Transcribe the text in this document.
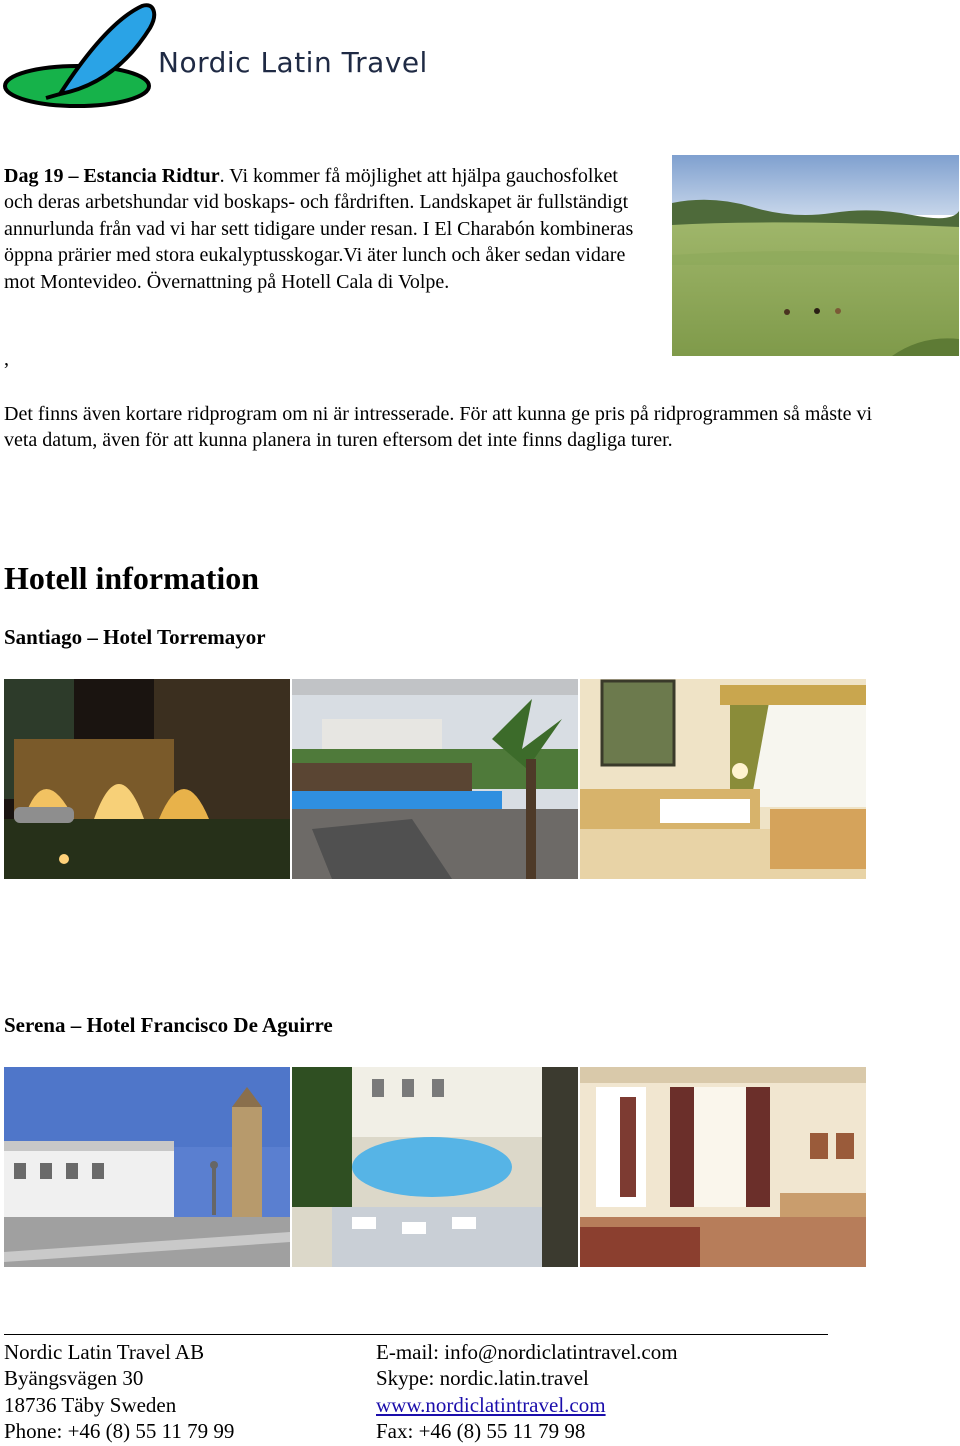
Nordic Latin Travel
Dag 19 – Estancia Ridtur. Vi kommer få möjlighet att hjälpa gauchosfolket och deras arbetshundar vid boskaps- och fårdriften. Landskapet är fullständigt annurlunda från vad vi har sett tidigare under resan. I El Charabón kombineras öppna prärier med stora eukalyptusskogar.Vi äter lunch och åker sedan vidare mot Montevideo. Övernattning på Hotell Cala di Volpe.
,
Det finns även kortare ridprogram om ni är intresserade. För att kunna ge pris på ridprogrammen så måste vi veta datum, även för att kunna planera in turen eftersom det inte finns dagliga turer.
Hotell information
Santiago – Hotel Torremayor
Serena – Hotel Francisco De Aguirre
Nordic Latin Travel AB
Byängsvägen 30
18736 Täby Sweden
Phone: +46 (8) 55 11 79 99
E-mail: info@nordiclatintravel.com
Skype: nordic.latin.travel
www.nordiclatintravel.com
Fax: +46 (8) 55 11 79 98
